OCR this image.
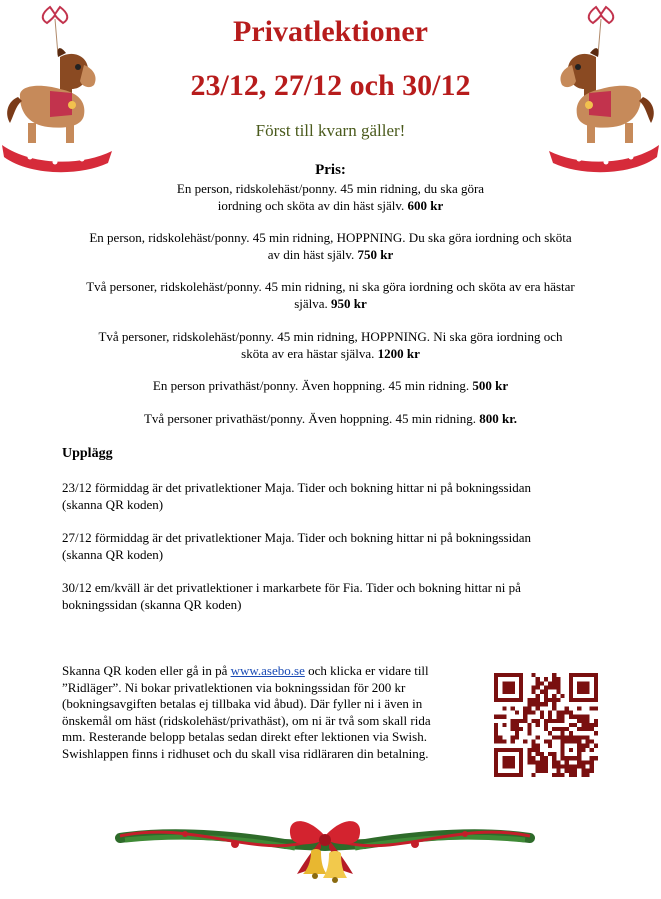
Privatlektioner
23/12, 27/12 och 30/12
Först till kvarn gäller!
Pris:
En person, ridskolehäst/ponny. 45 min ridning, du ska göra
iordning och sköta av din häst själv. 600 kr
En person, ridskolehäst/ponny. 45 min ridning, HOPPNING. Du ska göra iordning och sköta
av din häst själv. 750 kr
Två personer, ridskolehäst/ponny. 45 min ridning, ni ska göra iordning och sköta av era hästar
själva. 950 kr
Två personer, ridskolehäst/ponny. 45 min ridning, HOPPNING. Ni ska göra iordning och
sköta av era hästar själva. 1200 kr
En person privathäst/ponny. Även hoppning. 45 min ridning. 500 kr
Två personer privathäst/ponny. Även hoppning. 45 min ridning. 800 kr.
Upplägg
23/12 förmiddag är det privatlektioner Maja. Tider och bokning hittar ni på bokningssidan
(skanna QR koden)
27/12 förmiddag är det privatlektioner Maja. Tider och bokning hittar ni på bokningssidan
(skanna QR koden)
30/12 em/kväll är det privatlektioner i markarbete för Fia. Tider och bokning hittar ni på
bokningssidan (skanna QR koden)
Skanna QR koden eller gå in på www.asebo.se och klicka er vidare till
”Ridläger”. Ni bokar privatlektionen via bokningssidan för 200 kr
(bokningsavgiften betalas ej tillbaka vid åbud). Där fyller ni i även in
önskemål om häst (ridskolehäst/privathäst), om ni är två som skall rida
mm. Resterande belopp betalas sedan direkt efter lektionen via Swish.
Swishlappen finns i ridhuset och du skall visa ridläraren din betalning.
